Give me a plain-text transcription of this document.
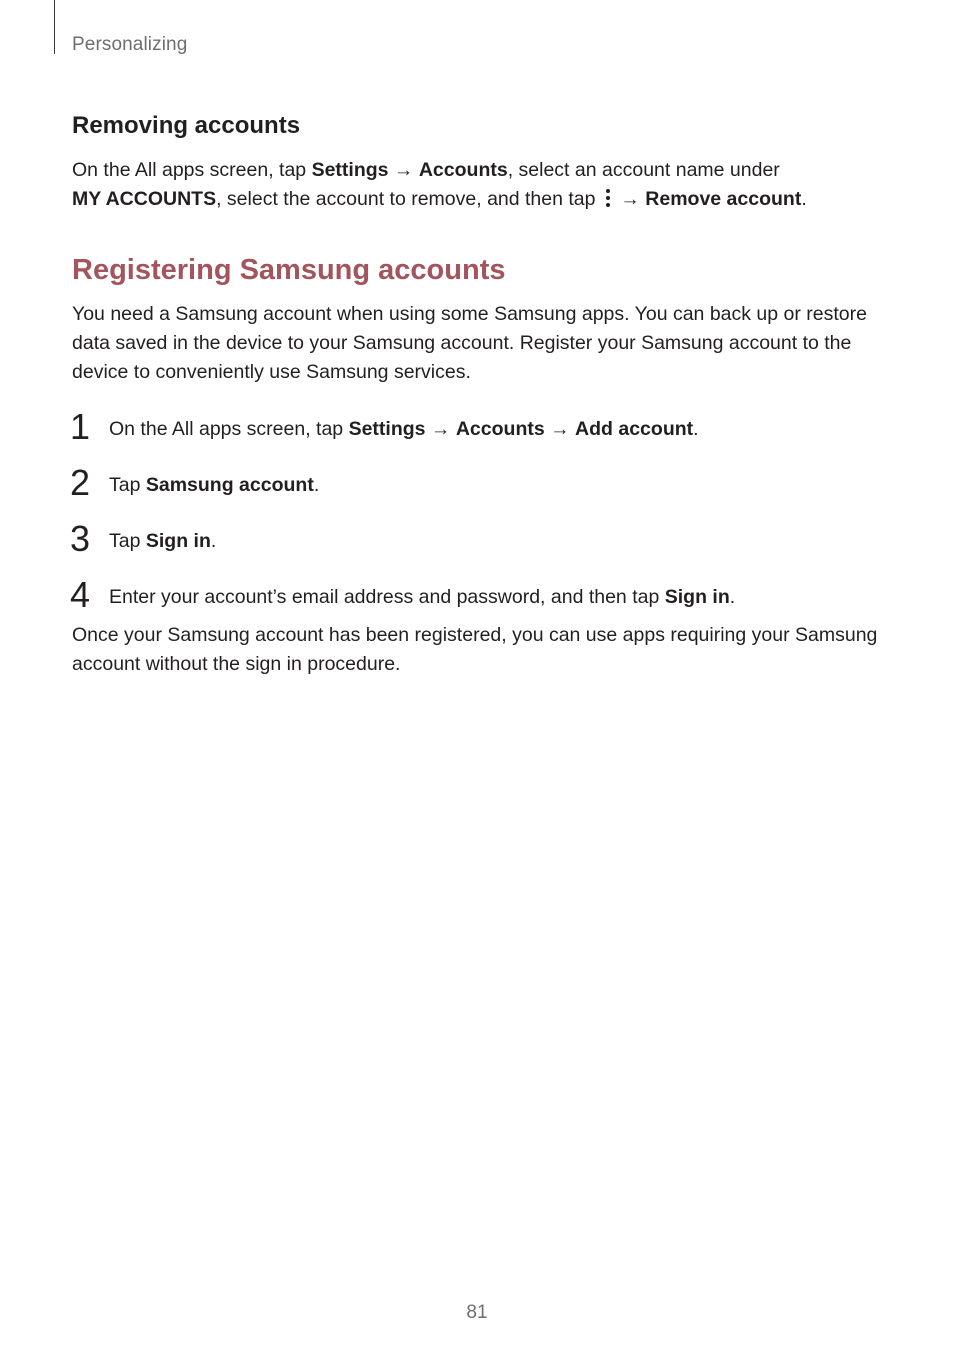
Personalizing
Removing accounts

On the All apps screen, tap Settings → Accounts, select an account name under
MY ACCOUNTS, select the account to remove, and then tap  → Remove account.

Registering Samsung accounts

You need a Samsung account when using some Samsung apps. You can back up or restore data saved in the device to your Samsung account. Register your Samsung account to the device to conveniently use Samsung services.

1 On the All apps screen, tap Settings → Accounts → Add account.
2 Tap Samsung account.
3 Tap Sign in.
4 Enter your account’s email address and password, and then tap Sign in.

Once your Samsung account has been registered, you can use apps requiring your Samsung account without the sign in procedure.

81
